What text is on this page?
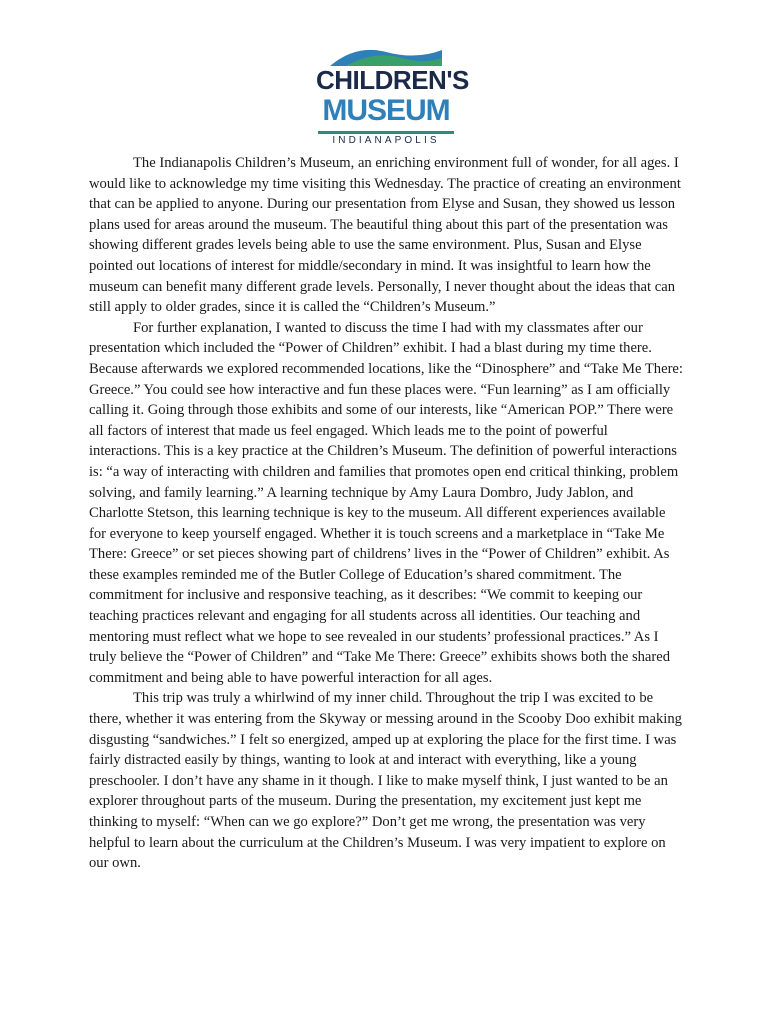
CHILDREN'S
MUSEUM
INDIANAPOLIS

The Indianapolis Children’s Museum, an enriching environment full of wonder, for all ages. I would like to acknowledge my time visiting this Wednesday. The practice of creating an environment that can be applied to anyone. During our presentation from Elyse and Susan, they showed us lesson plans used for areas around the museum. The beautiful thing about this part of the presentation was showing different grades levels being able to use the same environment. Plus, Susan and Elyse pointed out locations of interest for middle/secondary in mind. It was insightful to learn how the museum can benefit many different grade levels. Personally, I never thought about the ideas that can still apply to older grades, since it is called the “Children’s Museum.”

For further explanation, I wanted to discuss the time I had with my classmates after our presentation which included the “Power of Children” exhibit. I had a blast during my time there. Because afterwards we explored recommended locations, like the “Dinosphere” and “Take Me There: Greece.” You could see how interactive and fun these places were. “Fun learning” as I am officially calling it. Going through those exhibits and some of our interests, like “American POP.” There were all factors of interest that made us feel engaged. Which leads me to the point of powerful interactions. This is a key practice at the Children’s Museum. The definition of powerful interactions is: “a way of interacting with children and families that promotes open end critical thinking, problem solving, and family learning.” A learning technique by Amy Laura Dombro, Judy Jablon, and Charlotte Stetson, this learning technique is key to the museum. All different experiences available for everyone to keep yourself engaged. Whether it is touch screens and a marketplace in “Take Me There: Greece” or set pieces showing part of childrens’ lives in the “Power of Children” exhibit. As these examples reminded me of the Butler College of Education’s shared commitment. The commitment for inclusive and responsive teaching, as it describes: “We commit to keeping our teaching practices relevant and engaging for all students across all identities. Our teaching and mentoring must reflect what we hope to see revealed in our students’ professional practices.” As I truly believe the “Power of Children” and “Take Me There: Greece” exhibits shows both the shared commitment and being able to have powerful interaction for all ages.

This trip was truly a whirlwind of my inner child. Throughout the trip I was excited to be there, whether it was entering from the Skyway or messing around in the Scooby Doo exhibit making disgusting “sandwiches.” I felt so energized, amped up at exploring the place for the first time. I was fairly distracted easily by things, wanting to look at and interact with everything, like a young preschooler. I don’t have any shame in it though. I like to make myself think, I just wanted to be an explorer throughout parts of the museum. During the presentation, my excitement just kept me thinking to myself: “When can we go explore?” Don’t get me wrong, the presentation was very helpful to learn about the curriculum at the Children’s Museum. I was very impatient to explore on our own.
